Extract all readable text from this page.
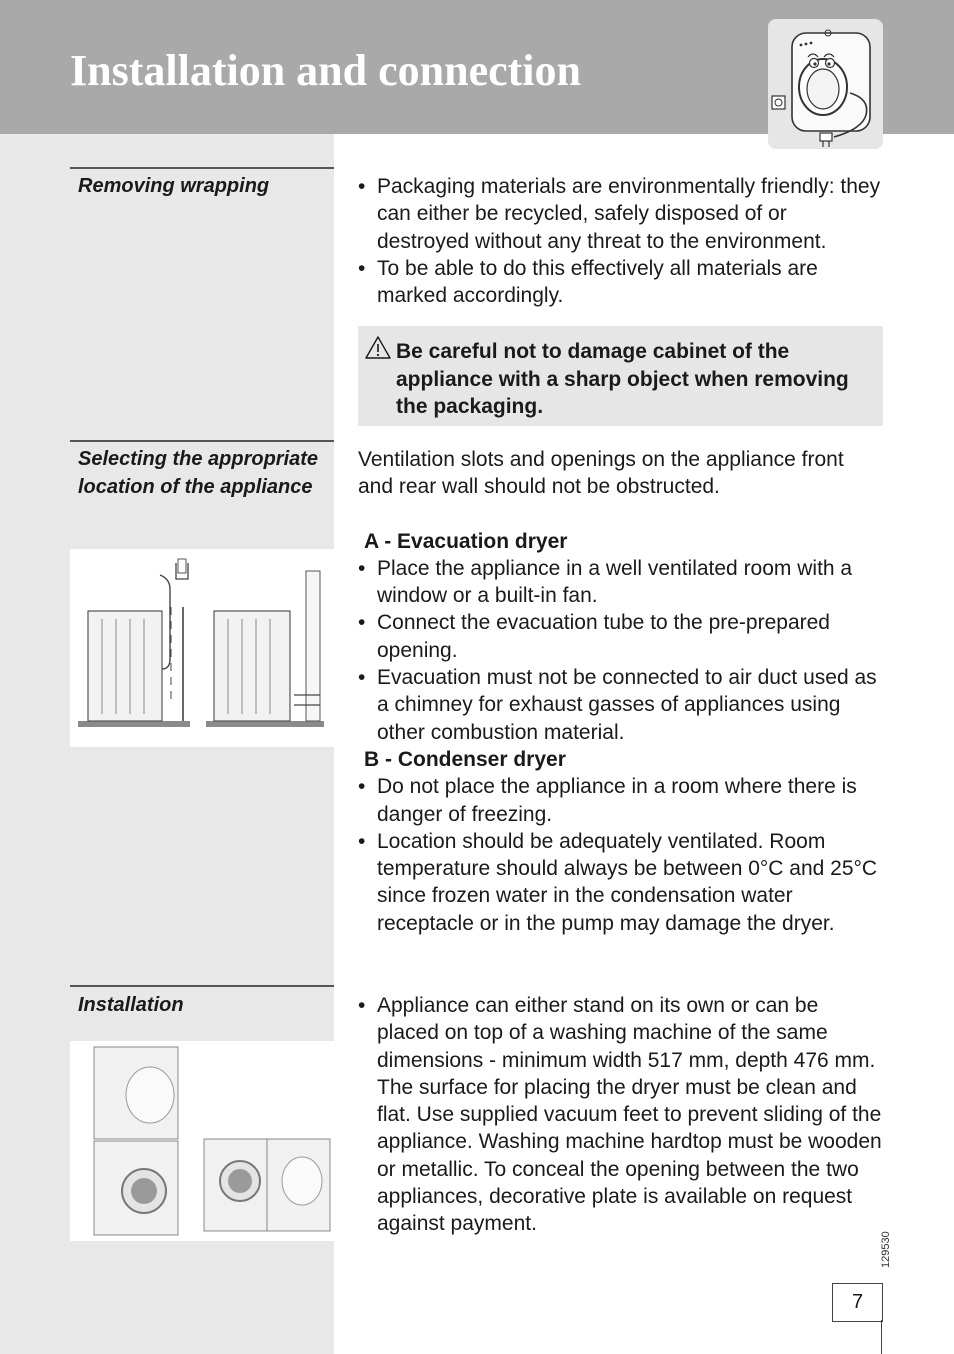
Installation and connection
Removing wrapping	• Packaging materials are environmentally friendly: they can either be recycled, safely disposed of or destroyed without any threat to the environment.
• To be able to do this effectively all materials are marked accordingly.
Be careful not to damage cabinet of the appliance with a sharp object when removing the packaging.
Selecting the appropriate location of the appliance
Ventilation slots and openings on the appliance front and rear wall should not be obstructed.
A - Evacuation dryer
• Place the appliance in a well ventilated room with a window or a built-in fan.
• Connect the evacuation tube to the pre-prepared opening.
• Evacuation must not be connected to air duct used as a chimney for exhaust gasses of appliances using other combustion material.
B - Condenser dryer
• Do not place the appliance in a room where there is danger of freezing.
• Location should be adequately ventilated. Room temperature should always be between 0°C and 25°C since frozen water in the condensation water receptacle or in the pump may damage the dryer.
Installation	• Appliance can either stand on its own or can be placed on top of a washing machine of the same dimensions - minimum width 517 mm, depth 476 mm. The surface for placing the dryer must be clean and flat. Use supplied vacuum feet to prevent sliding of the appliance. Washing machine hardtop must be wooden or metallic. To conceal the opening between the two appliances, decorative plate is available on request against payment.
129530
7
